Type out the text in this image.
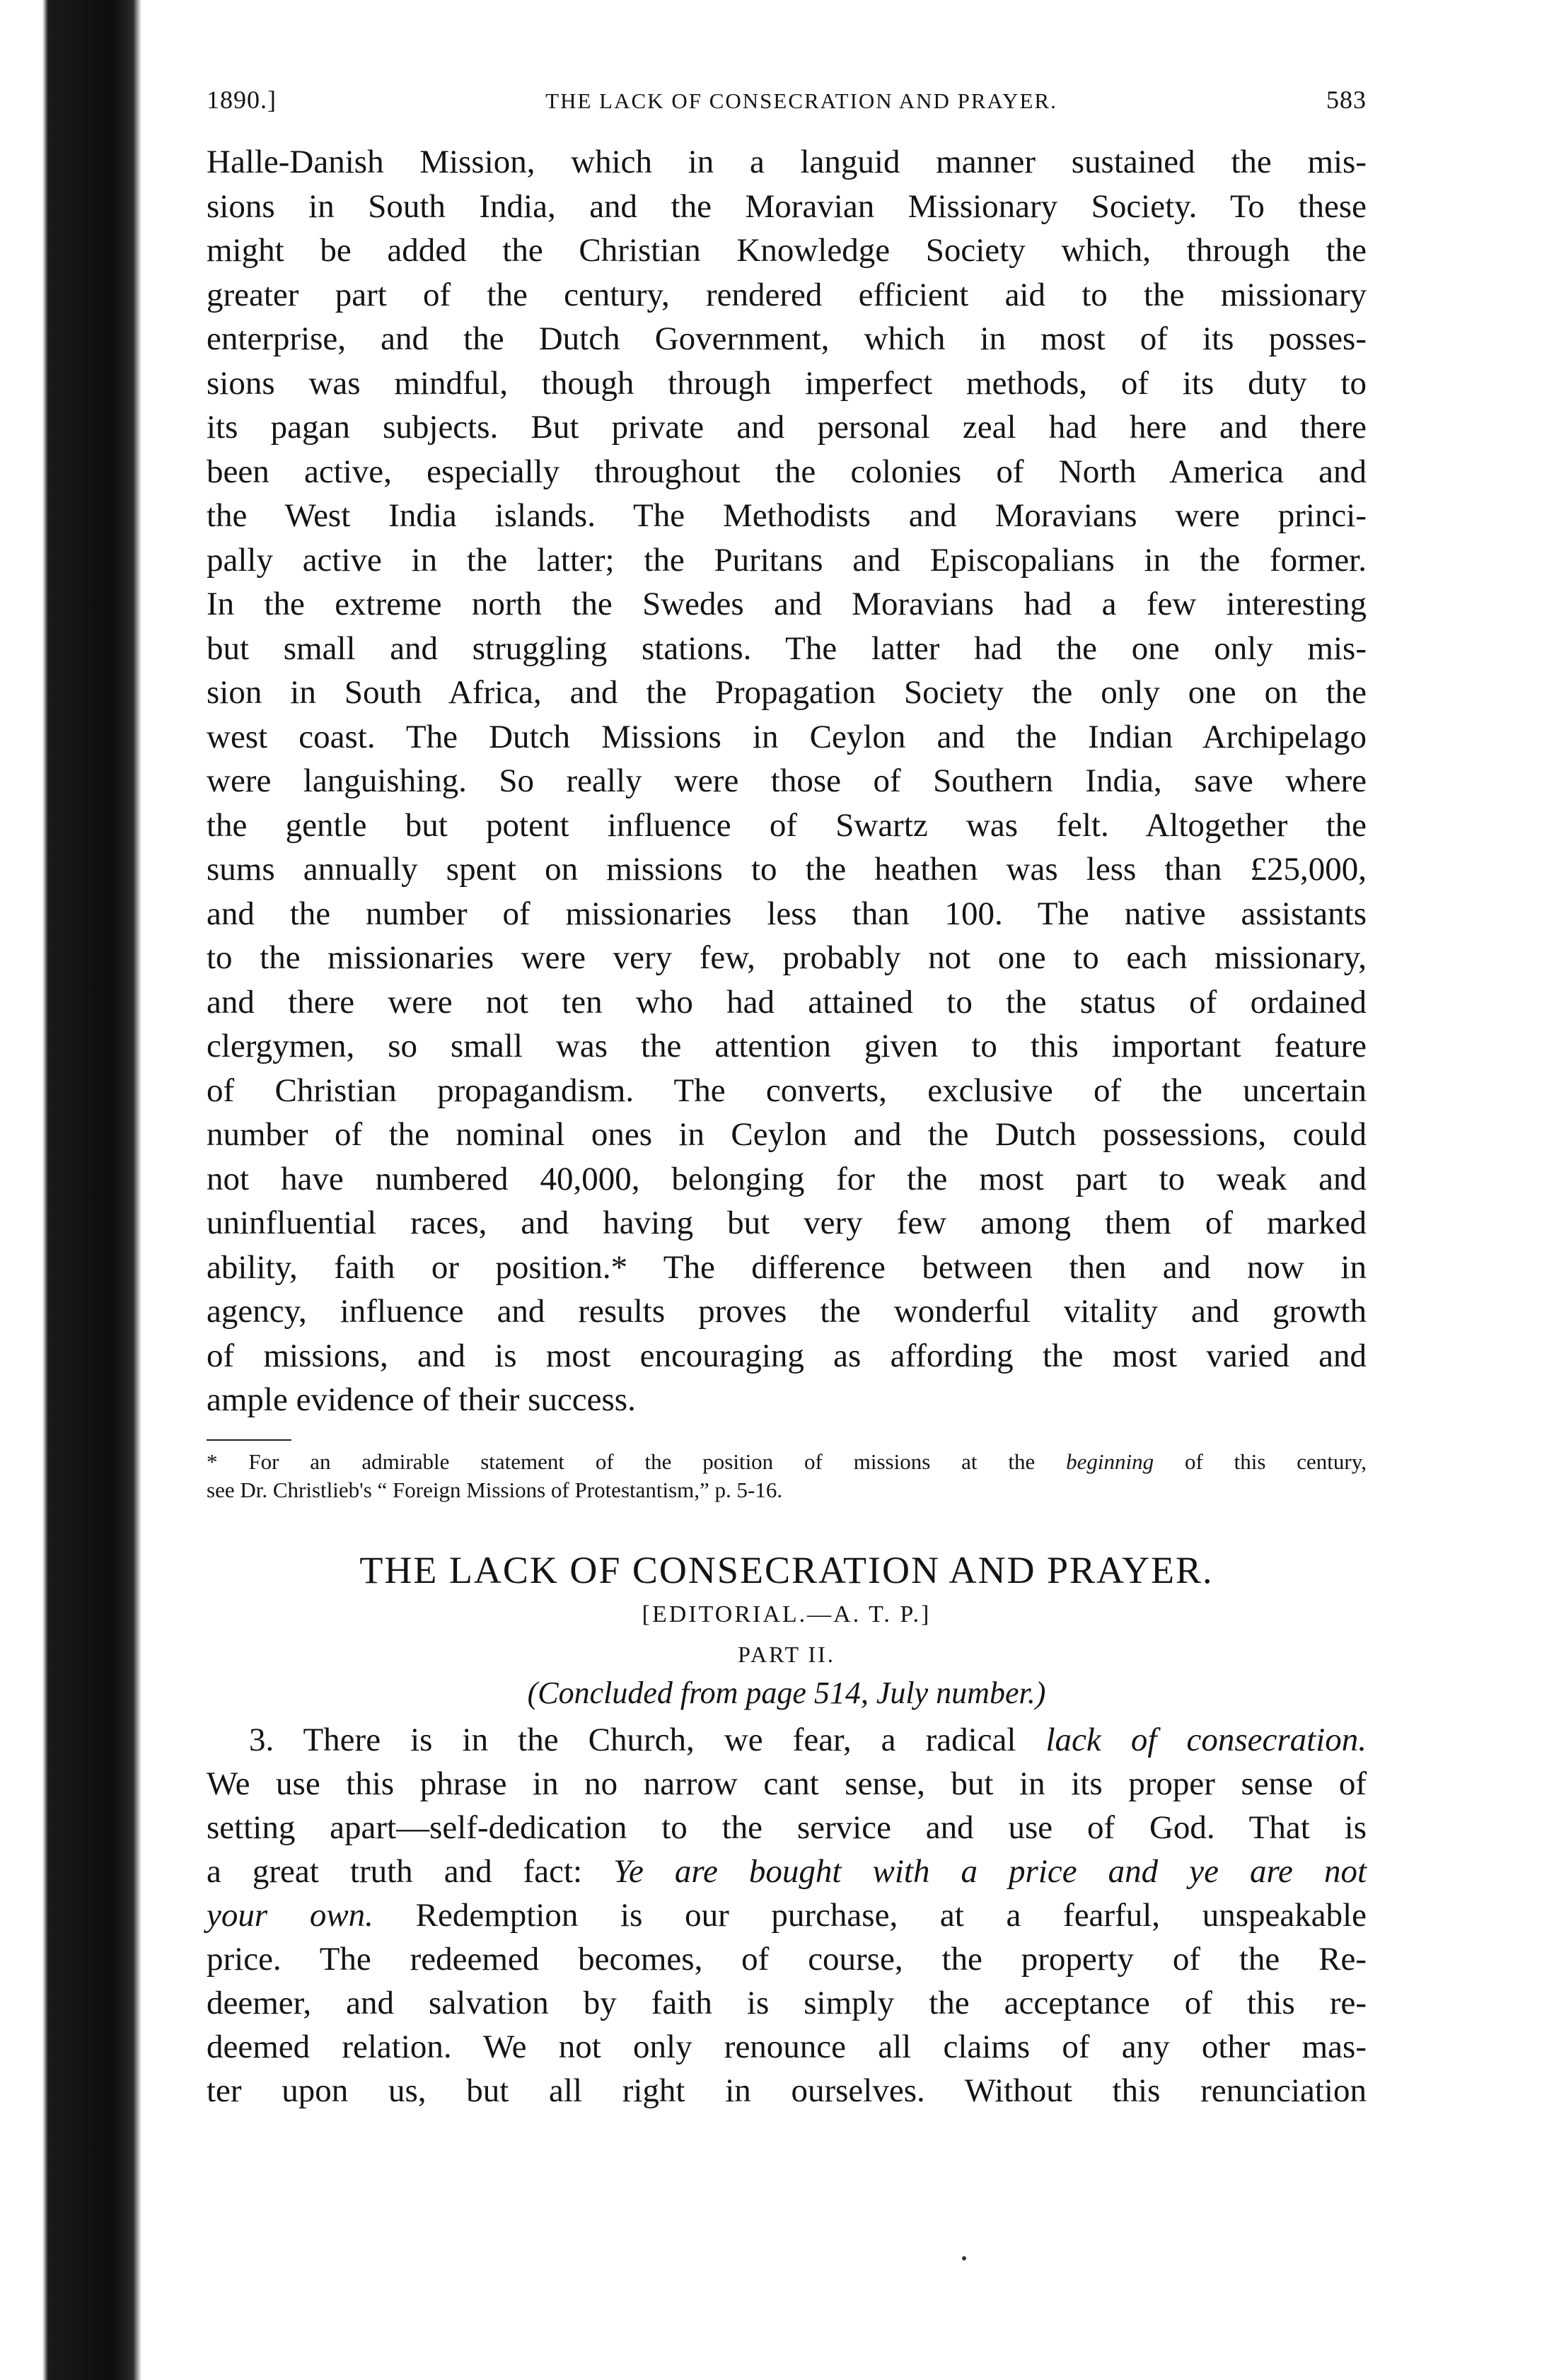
1890.]	THE LACK OF CONSECRATION AND PRAYER.	583
Halle-Danish Mission, which in a languid manner sustained the mis-
sions in South India, and the Moravian Missionary Society. To these
might be added the Christian Knowledge Society which, through the
greater part of the century, rendered efficient aid to the missionary
enterprise, and the Dutch Government, which in most of its posses-
sions was mindful, though through imperfect methods, of its duty to
its pagan subjects. But private and personal zeal had here and there
been active, especially throughout the colonies of North America and
the West India islands. The Methodists and Moravians were princi-
pally active in the latter; the Puritans and Episcopalians in the former.
In the extreme north the Swedes and Moravians had a few interesting
but small and struggling stations. The latter had the one only mis-
sion in South Africa, and the Propagation Society the only one on the
west coast. The Dutch Missions in Ceylon and the Indian Archipelago
were languishing. So really were those of Southern India, save where
the gentle but potent influence of Swartz was felt. Altogether the
sums annually spent on missions to the heathen was less than £25,000,
and the number of missionaries less than 100. The native assistants
to the missionaries were very few, probably not one to each missionary,
and there were not ten who had attained to the status of ordained
clergymen, so small was the attention given to this important feature
of Christian propagandism. The converts, exclusive of the uncertain
number of the nominal ones in Ceylon and the Dutch possessions, could
not have numbered 40,000, belonging for the most part to weak and
uninfluential races, and having but very few among them of marked
ability, faith or position.* The difference between then and now in
agency, influence and results proves the wonderful vitality and growth
of missions, and is most encouraging as affording the most varied and
ample evidence of their success.
* For an admirable statement of the position of missions at the beginning of this century,
see Dr. Christlieb's “ Foreign Missions of Protestantism,” p. 5-16.
THE LACK OF CONSECRATION AND PRAYER.
[EDITORIAL.—A. T. P.]
PART II.
(Concluded from page 514, July number.)
3. There is in the Church, we fear, a radical lack of consecration.
We use this phrase in no narrow cant sense, but in its proper sense of
setting apart—self-dedication to the service and use of God. That is
a great truth and fact: Ye are bought with a price and ye are not
your own. Redemption is our purchase, at a fearful, unspeakable
price. The redeemed becomes, of course, the property of the Re-
deemer, and salvation by faith is simply the acceptance of this re-
deemed relation. We not only renounce all claims of any other mas-
ter upon us, but all right in ourselves. Without this renunciation
